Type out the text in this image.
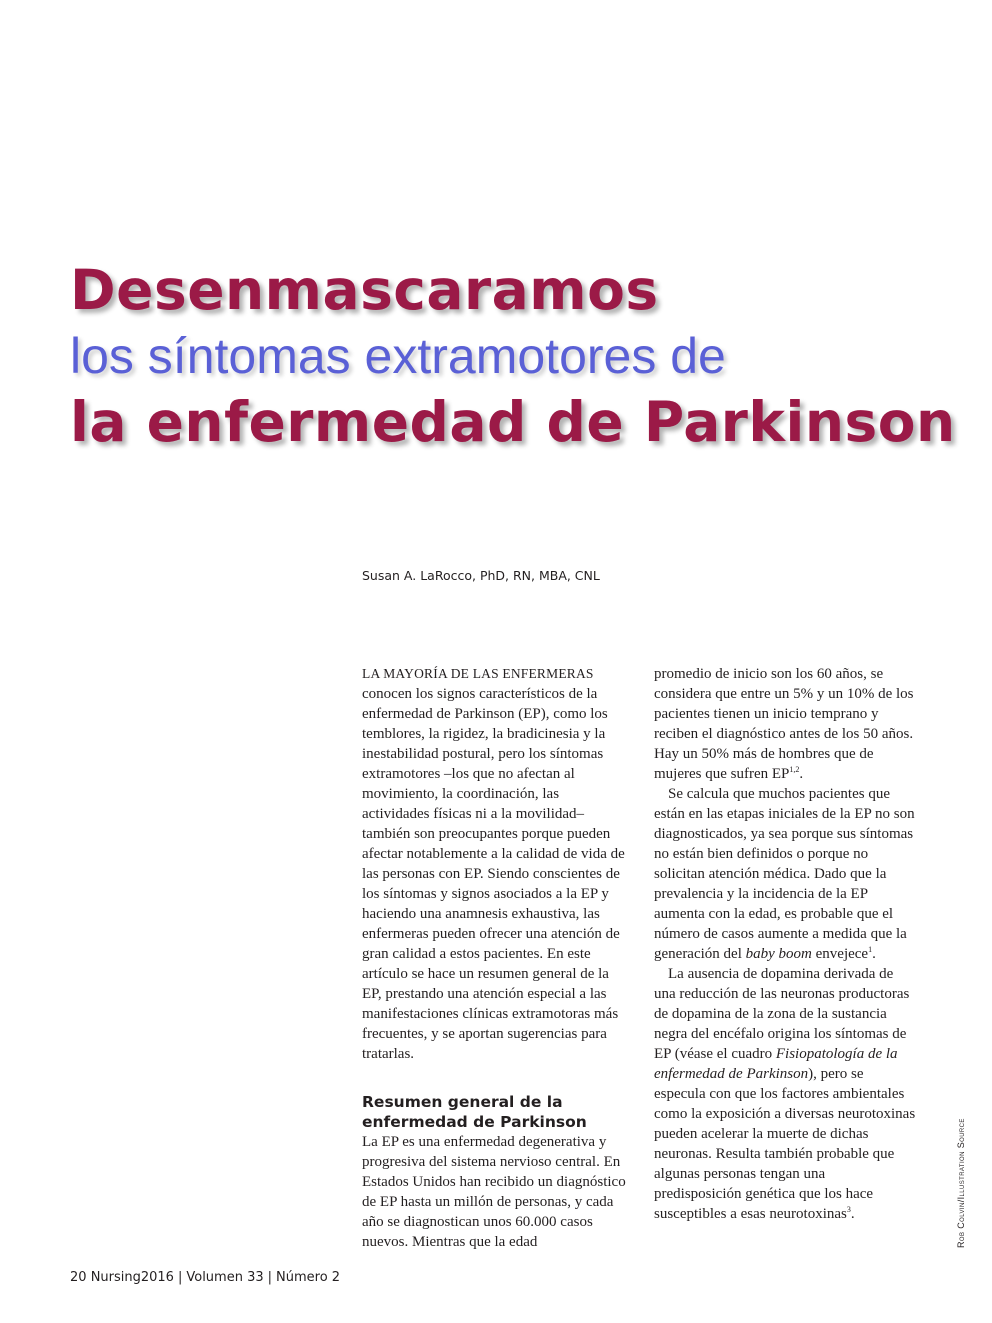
Desenmascaramos
los síntomas extramotores de
la enfermedad de Parkinson
Susan A. LaRocco, PhD, RN, MBA, CNL

LA MAYORÍA DE LAS ENFERMERAS
conocen los signos característicos de la enfermedad de Parkinson (EP), como los temblores, la rigidez, la bradicinesia y la inestabilidad postural, pero los síntomas extramotores –los que no afectan al movimiento, la coordinación, las actividades físicas ni a la movilidad– también son preocupantes porque pueden afectar notablemente a la calidad de vida de las personas con EP. Siendo conscientes de los síntomas y signos asociados a la EP y haciendo una anamnesis exhaustiva, las enfermeras pueden ofrecer una atención de gran calidad a estos pacientes. En este artículo se hace un resumen general de la EP, prestando una atención especial a las manifestaciones clínicas extramotoras más frecuentes, y se aportan sugerencias para tratarlas.

Resumen general de la enfermedad de Parkinson

La EP es una enfermedad degenerativa y progresiva del sistema nervioso central. En Estados Unidos han recibido un diagnóstico de EP hasta un millón de personas, y cada año se diagnostican unos 60.000 casos nuevos. Mientras que la edad

promedio de inicio son los 60 años, se considera que entre un 5% y un 10% de los pacientes tienen un inicio temprano y reciben el diagnóstico antes de los 50 años. Hay un 50% más de hombres que de mujeres que sufren EP$^{1,2}$.

Se calcula que muchos pacientes que están en las etapas iniciales de la EP no son diagnosticados, ya sea porque sus síntomas no están bien definidos o porque no solicitan atención médica. Dado que la prevalencia y la incidencia de la EP aumenta con la edad, es probable que el número de casos aumente a medida que la generación del baby boom envejece$^1$.

La ausencia de dopamina derivada de una reducción de las neuronas productoras de dopamina de la zona de la sustancia negra del encéfalo origina los síntomas de EP (véase el cuadro Fisiopatología de la enfermedad de Parkinson), pero se especula con que los factores ambientales como la exposición a diversas neurotoxinas pueden acelerar la muerte de dichas neuronas. Resulta también probable que algunas personas tengan una predisposición genética que los hace susceptibles a esas neurotoxinas$^3$.	Rob Colvin/Illustration Source
20 Nursing2016 | Volumen 33 | Número 2
